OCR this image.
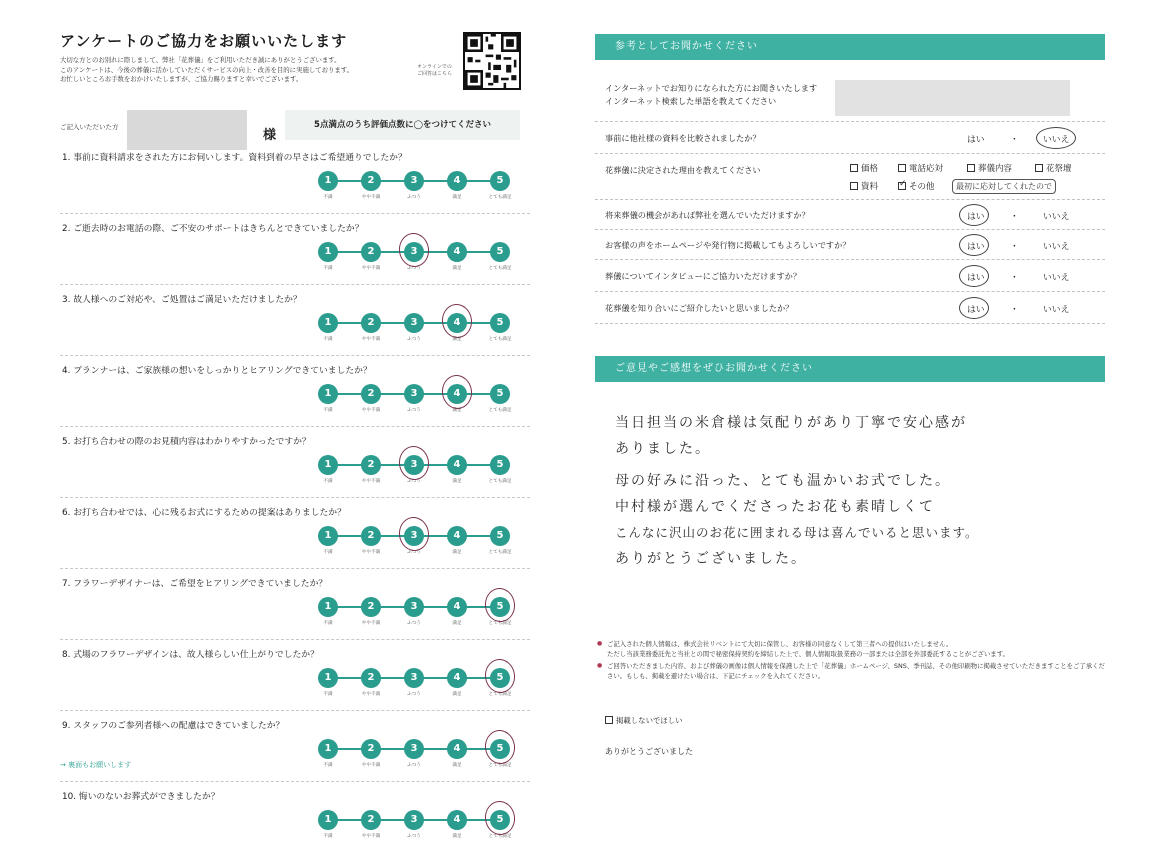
アンケートのご協力をお願いいたします
大切な方とのお別れに際しまして、弊社「花葬儀」をご利用いただき誠にありがとうございます。
このアンケートは、今後の葬儀に活かしていただくサービスの向上・改善を目的に実施しております。
お忙しいところお手数をおかけいたしますが、ご協力賜りますと幸いでございます。
オンラインでの
ご回答はこちら
ご記入いただいた方
様
5点満点のうち評価点数に◯をつけてください
1. 事前に資料請求をされた方にお伺いします。資料到着の早さはご希望通りでしたか？
1
不満
2
やや不満
3
ふつう
4
満足
5
とても満足
2. ご逝去時のお電話の際、ご不安のサポートはきちんとできていましたか？
1
不満
2
やや不満
3
ふつう
4
満足
5
とても満足
3. 故人様へのご対応や、ご処置はご満足いただけましたか？
1
不満
2
やや不満
3
ふつう
4
満足
5
とても満足
4. プランナーは、ご家族様の想いをしっかりとヒアリングできていましたか？
1
不満
2
やや不満
3
ふつう
4
満足
5
とても満足
5. お打ち合わせの際のお見積内容はわかりやすかったですか？
1
不満
2
やや不満
3
ふつう
4
満足
5
とても満足
6. お打ち合わせでは、心に残るお式にするための提案はありましたか？
1
不満
2
やや不満
3
ふつう
4
満足
5
とても満足
7. フラワーデザイナーは、ご希望をヒアリングできていましたか？
1
不満
2
やや不満
3
ふつう
4
満足
5
とても満足
8. 式場のフラワーデザインは、故人様らしい仕上がりでしたか？
1
不満
2
やや不満
3
ふつう
4
満足
5
とても満足
9. スタッフのご参列者様への配慮はできていましたか？
1
不満
2
やや不満
3
ふつう
4
満足
5
とても満足
10. 悔いのないお葬式ができましたか？
1
不満
2
やや不満
3
ふつう
4
満足
5
とても満足
→ 裏面もお願いします
参考としてお聞かせください
インターネットでお知りになられた方にお聞きいたします
インターネット検索した単語を教えてください
事前に他社様の資料を比較されましたか？	はい	・	いいえ
花葬儀に決定された理由を教えてください	価格	電話応対	葬儀内容	花祭壇
資料 ✓ その他	最初に応対してくれたので
将来葬儀の機会があれば弊社を選んでいただけますか？	はい	・	いいえ
お客様の声をホームページや発行物に掲載してもよろしいですか？	はい	・	いいえ
葬儀についてインタビューにご協力いただけますか？	はい	・	いいえ
花葬儀を知り合いにご紹介したいと思いましたか？	はい	・	いいえ
ご意見やご感想をぜひお聞かせください
当日担当の米倉様は気配りがあり丁寧で安心感が
ありました。
母の好みに沿った、とても温かいお式でした。
中村様が選んでくださったお花も素晴しくて
こんなに沢山のお花に囲まれる母は喜んでいると思います。
ありがとうございました。
● ご記入された個人情報は、株式会社リベントにて大切に保管し、お客様の同意なくして第三者への提供はいたしません。
ただし当該業務委託先と当社との間で秘密保持契約を締結した上で、個人情報取扱業務の一部または全部を外部委託することがございます。
● ご回答いただきました内容、および葬儀の画像は個人情報を保護した上で「花葬儀」ホームページ、SNS、季刊誌、その他印刷物に掲載させていただきますことをご了承ください。もしも、掲載を避けたい場合は、下記にチェックを入れてください。
掲載しないでほしい
ありがとうございました
